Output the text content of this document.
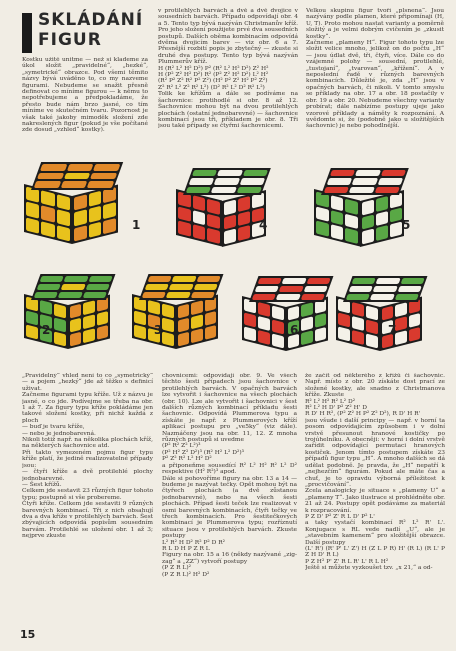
SKLÁDÁNÍ
FIGUR
Kostku užitě unitme — než si klademe za úkol složit „pravidelné“, „hezké“, „symetrické“ obrazce. Pod všemi těmito názvy bývá uváděno to, co my nazveme figurami. Nebudeme se snažit přesně definovat co míníme figurou — k němu to nepotřebujeme a předpokladáme, že přesto bude nám brzo jasné, co tím míníme ve skutečném tvaru. Pozornost je však také jakoby mimoděk složení zde nakreslených figur (pokud je vše počítané zde dosud „vzhled“ kostky).
v protilehlých barvách a dvě a dvě dvojice v sousedních barvách. Případu odpovídají obr. 4 a 5. Tento typ bývá nazýván Christmanův kříž. Pro jeho složení použijete prvé dva sousedních postupů. Dalších oběma kombinacím odpovídá dvěma dvojicím barev — viz obr. 6 a 7. Přesnější rozbití popis je zbytečný — zkuste si druhé dva postupy. Tento typ bývá nazýván Plummerův kříž.
H (R² L² H² D²) P² (R² L² H² D²) Z² H²
H (P² Z² H² D²) R² (P² Z² H² D²) L² H²
(R² P² Z² R² P² Z²) (H² P² Z² H² P² Z²)
Z² R² L² Z² R² L²) (D² R² L² D² R² L²)
Tolik ke křížům a dále se podíváme na šachovnice: protihodlé si obr. 8 až 12. Šachovnice mohou být na dvou protilehlých plochách (ostatní jednobarevné) — šachovnice kombinací jsou tři, příkladem je obr. 8. Tři jsou také případy se čtyřmi šachovnicemi.
Velkou skupinu figur tvoří „plsnena“. Jsou nazývány podle plamen, které připomínají (H, U, T). Proto mohou nastat varianty a poměrně složitý a je velmi dobrým cvičením je „zkusit kostky“.
Začneme „plameny H“. Figur tohoto typu lze složit velice mnoho, jelikož on do počtu „H“ — jsou údlat dvě, tři, čtyři, více. Dále co do vzájemné polohy — sousední, protilehlé, „tustojaní“, „tvarovan“, „křížení“. A v neposlední řadě v různých barevných kombinacích. Důležité je, zda „H“ jsou v opačných barvách, či nikoli. V tomto smyslu se příklady na obr. 17 a obr. 18 postačily v obr. 19 a obr. 20. Nebudeme všechny varianty probírat; dále nabízíme postupy ujeje jako vzorové příklady a náměty k rozpoznání. A uvědomte si, že (podobně jako u složitějších šachovnic) je nebo pohodlnější.
1	4	5
2	3	6	7
„Pravidelný“ vhled není to co „symetrický“ — a pojem „hezký“ jde až těžko s definicí uživat.
Začneme figurami typu kříže. Už z názvu je jasné, o co jde. Podívejme se třeba na obr. 1 až 7. Za figury typu kříže pokládáme jen takové složení kostky, při nichž každá z ploch
— buď je tvaru kříže,
— nebo je jednobarevná.
Nikoli totiž např. na několika plochách kříž, na některých šachovnice atd.
Při takto vymezeném pojmu figur typu kříže platí, že jedině realizovatelné případy jsou:
— čtyři kříže a dvě protilehlé plochy jednobarevné.
— Šest křížů.
Celkem jde sestavit 23 různých figur tohoto typu; postupně si vše probereme.
Čtyři kříže. Celkem jde sestaviti 9 různých barevných kombinací. Tři z nich obsahují dva a dva kříže v protilehlých barvách. Šest zbývajících odpovídá popisům sousedním barvám. Protilehlé se uložení obr. 1 až 3; nejprve zkuste
chovnicemi: odpovídají obr. 9. Ve všech těchto šesti případech jsou šachovnice v protilehlých barvách. V opačných barvách lze vytvořit i šachovnice na všech plochách (obr. 10). Lze ale vytvořit i šachovnici v šest dalších různých kombinací příkladu šesti šachovnic. Odpovídá Plummerova typu a získáte je např. z Plummerových kříží aplikací postupu pro „ve5ky“ (viz dále). Nazmáčeny jsou na obr. 11, 12. Z mnoha různých postupů si uvedme
(P² R² Z² L²)³
(P² H² Z² D²)³ (R² H² L² D²)³
P² Z² R² L² H² D²
a připoneňme sousedící R² L² H² R² L² D² respektive (H² R²)³ apod.
Dále si pohovoříme figury na obr. 13 a 14 — budeme je nazývat tečky. Opět mohou být na čtyřech plochách (a dvě zůstanou jednobarevné), nebo na všech šesti plochách. Případ šesti teček lze realizovat v osmi barevných kombinacích, čtyři tečky ve třech kombinacích. Pro šestitečkových kombinací je Plummerova typu; rozříznutí situace jsou v protilehlých barvách. Zkuste postupy
L² R² H D² R² P² D R²
R L D H P Z R L
Figury na obr. 15 a 16 (někdy nazývané „zig-zag“ a „ZZ“) vytvoří postupy
(P Z R L)²
(P Z R L)² H² D²
že začít od některého z křížů či šachovnic. Např. místo z obr. 20 získáte dost prací ze složené kostky, ale snadno z Christmanova kříže. Zkuste
R² L² H² R² L² D²
R² L² H D' P² Z² H' D
R D' H R², (P² Z² H P² Z² D²), R D' H R'
jsou všude i další principy — např. v horní ta posom odpovídajícím způsobem i v dolní vrstvě přesunout hranové kostičky po trojúhelníku. A obecněji: v horní i dolní vrstvě zařídit odpovídající permutaci hranových kostiček. Jenom tímto postupem získáte 23 případů figur typu „H“. A mnoho dalších se dá udělat podobně. Je pravda, že „H“ nepatří k „nejhezčím“ figurám. Pokud ale máte čas a chuť, je to opravdu výborná příležitost k „procvičování“.
Zcela analogicky je situace s „plameny U“ a „plameny T“. Jako ilustrace si prohlédněte obr. 21 až 24. Postupy opět podáváme za materiál k rozpracování.
P Z D' P² Z' R L D' P² L'
a taky vystačí kombinací R² L² R' L'. Konjugace s RL vede nadlí „U“, ale je „stavebním kamenem“ pro složitější obrazce. Další postupy
(L' R') (R' P' L' Z') H (Z L P R) H' (R L) (R L' P Z H D' R L)
P Z H² P' Z' R L R' L' R L H²
Ještě si můžete vyzkoušet tzv. „x 21,“ a od-
15
